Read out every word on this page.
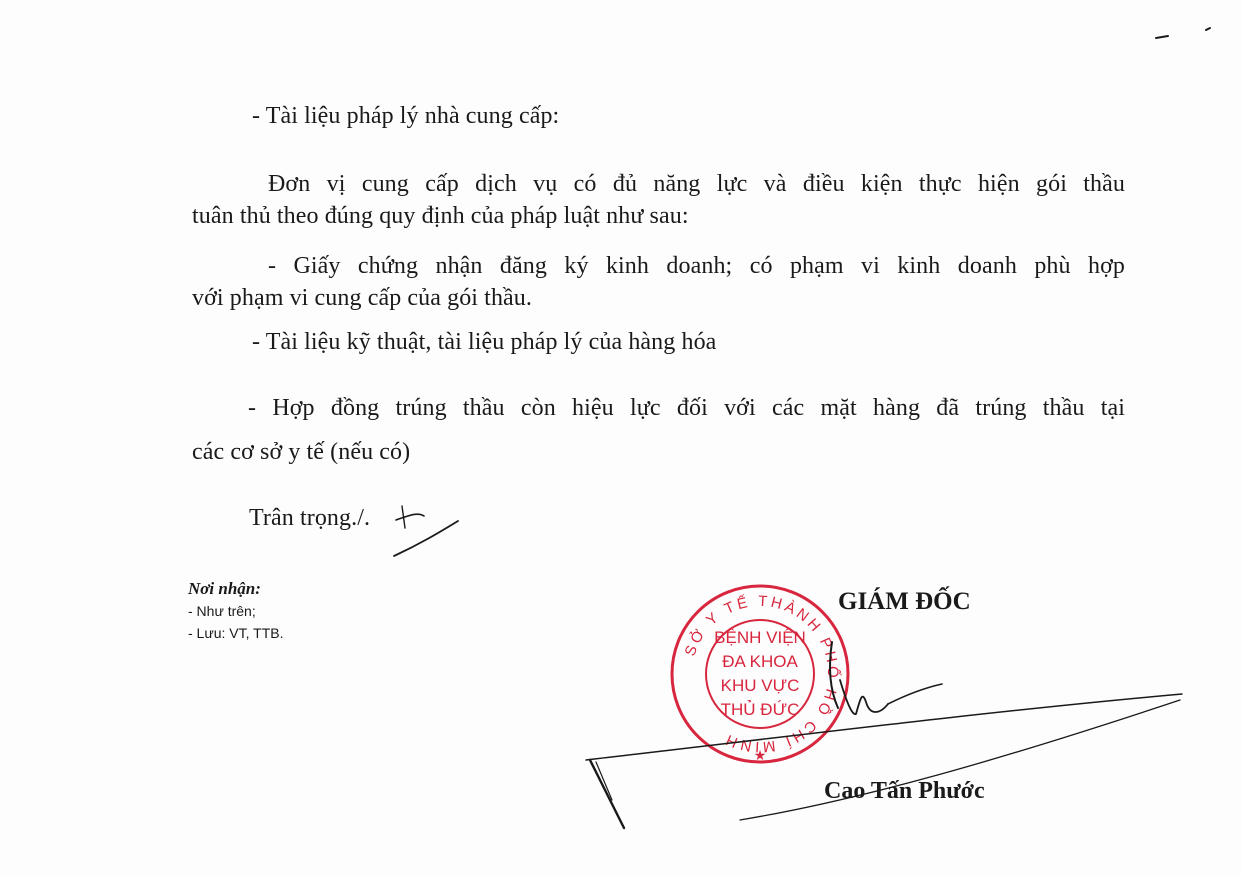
- Tài liệu pháp lý nhà cung cấp:
Đơn vị cung cấp dịch vụ có đủ năng lực và điều kiện thực hiện gói thầu
tuân thủ theo đúng quy định của pháp luật như sau:
- Giấy chứng nhận đăng ký kinh doanh; có phạm vi kinh doanh phù hợp
với phạm vi cung cấp của gói thầu.
- Tài liệu kỹ thuật, tài liệu pháp lý của hàng hóa
- Hợp đồng trúng thầu còn hiệu lực đối với các mặt hàng đã trúng thầu tại
các cơ sở y tế (nếu có)
Trân trọng./.
Nơi nhận:
- Như trên;
- Lưu: VT, TTB.
SỞ Y TẾ THÀNH PHỐ HỒ CHÍ MINH
★
BỆNH VIỆN
ĐA KHOA
KHU VỰC
THỦ ĐỨC
GIÁM ĐỐC
Cao Tấn Phước
